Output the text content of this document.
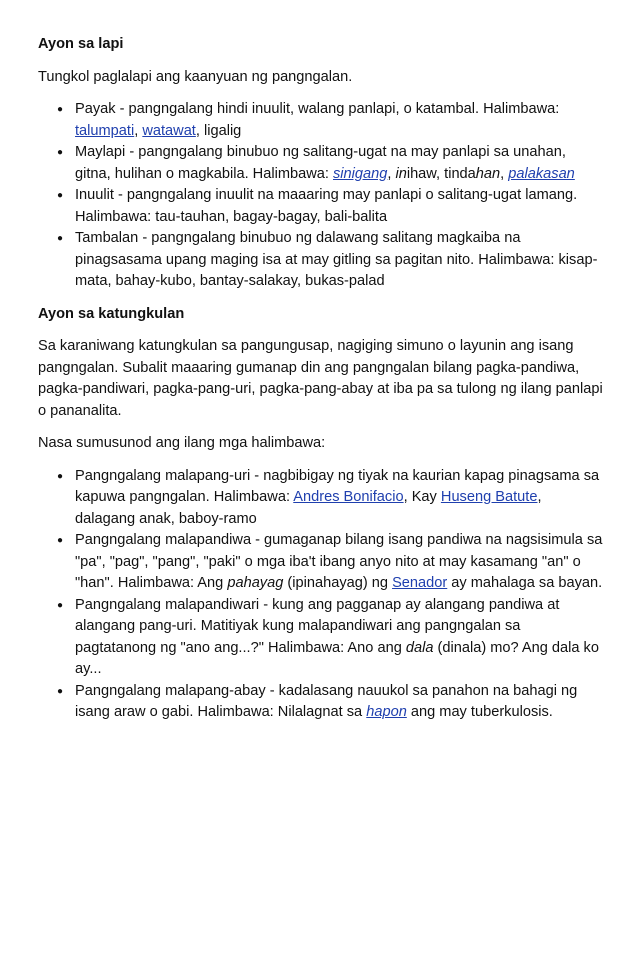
Ayon sa lapi

Tungkol paglalapi ang kaanyuan ng pangngalan.

● Payak - pangngalang hindi inuulit, walang panlapi, o katambal. Halimbawa: talumpati, watawat, ligalig
● Maylapi - pangngalang binubuo ng salitang-ugat na may panlapi sa unahan, gitna, hulihan o magkabila. Halimbawa: sinigang, inihaw, tindahan, palakasan
● Inuulit - pangngalang inuulit na maaaring may panlapi o salitang-ugat lamang. Halimbawa: tau-tauhan, bagay-bagay, bali-balita
● Tambalan - pangngalang binubuo ng dalawang salitang magkaiba na pinagsasama upang maging isa at may gitling sa pagitan nito. Halimbawa: kisap-mata, bahay-kubo, bantay-salakay, bukas-palad
Ayon sa katungkulan

Sa karaniwang katungkulan sa pangungusap, nagiging simuno o layunin ang isang pangngalan. Subalit maaaring gumanap din ang pangngalan bilang pagka-pandiwa, pagka-pandiwari, pagka-pang-uri, pagka-pang-abay at iba pa sa tulong ng ilang panlapi o pananalita.

Nasa sumusunod ang ilang mga halimbawa:

● Pangngalang malapang-uri - nagbibigay ng tiyak na kaurian kapag pinagsama sa kapuwa pangngalan. Halimbawa: Andres Bonifacio, Kay Huseng Batute, dalagang anak, baboy-ramo
● Pangngalang malapandiwa - gumaganap bilang isang pandiwa na nagsisimula sa "pa", "pag", "pang", "paki" o mga iba't ibang anyo nito at may kasamang "an" o "han". Halimbawa: Ang pahayag (ipinahayag) ng Senador ay mahalaga sa bayan.
● Pangngalang malapandiwari - kung ang pagganap ay alangang pandiwa at alangang pang-uri. Matitiyak kung malapandiwari ang pangngalan sa pagtatanong ng "ano ang...?" Halimbawa: Ano ang dala (dinala) mo? Ang dala ko ay...
● Pangngalang malapang-abay - kadalasang nauukol sa panahon na bahagi ng isang araw o gabi. Halimbawa: Nilalagnat sa hapon ang may tuberkulosis.
